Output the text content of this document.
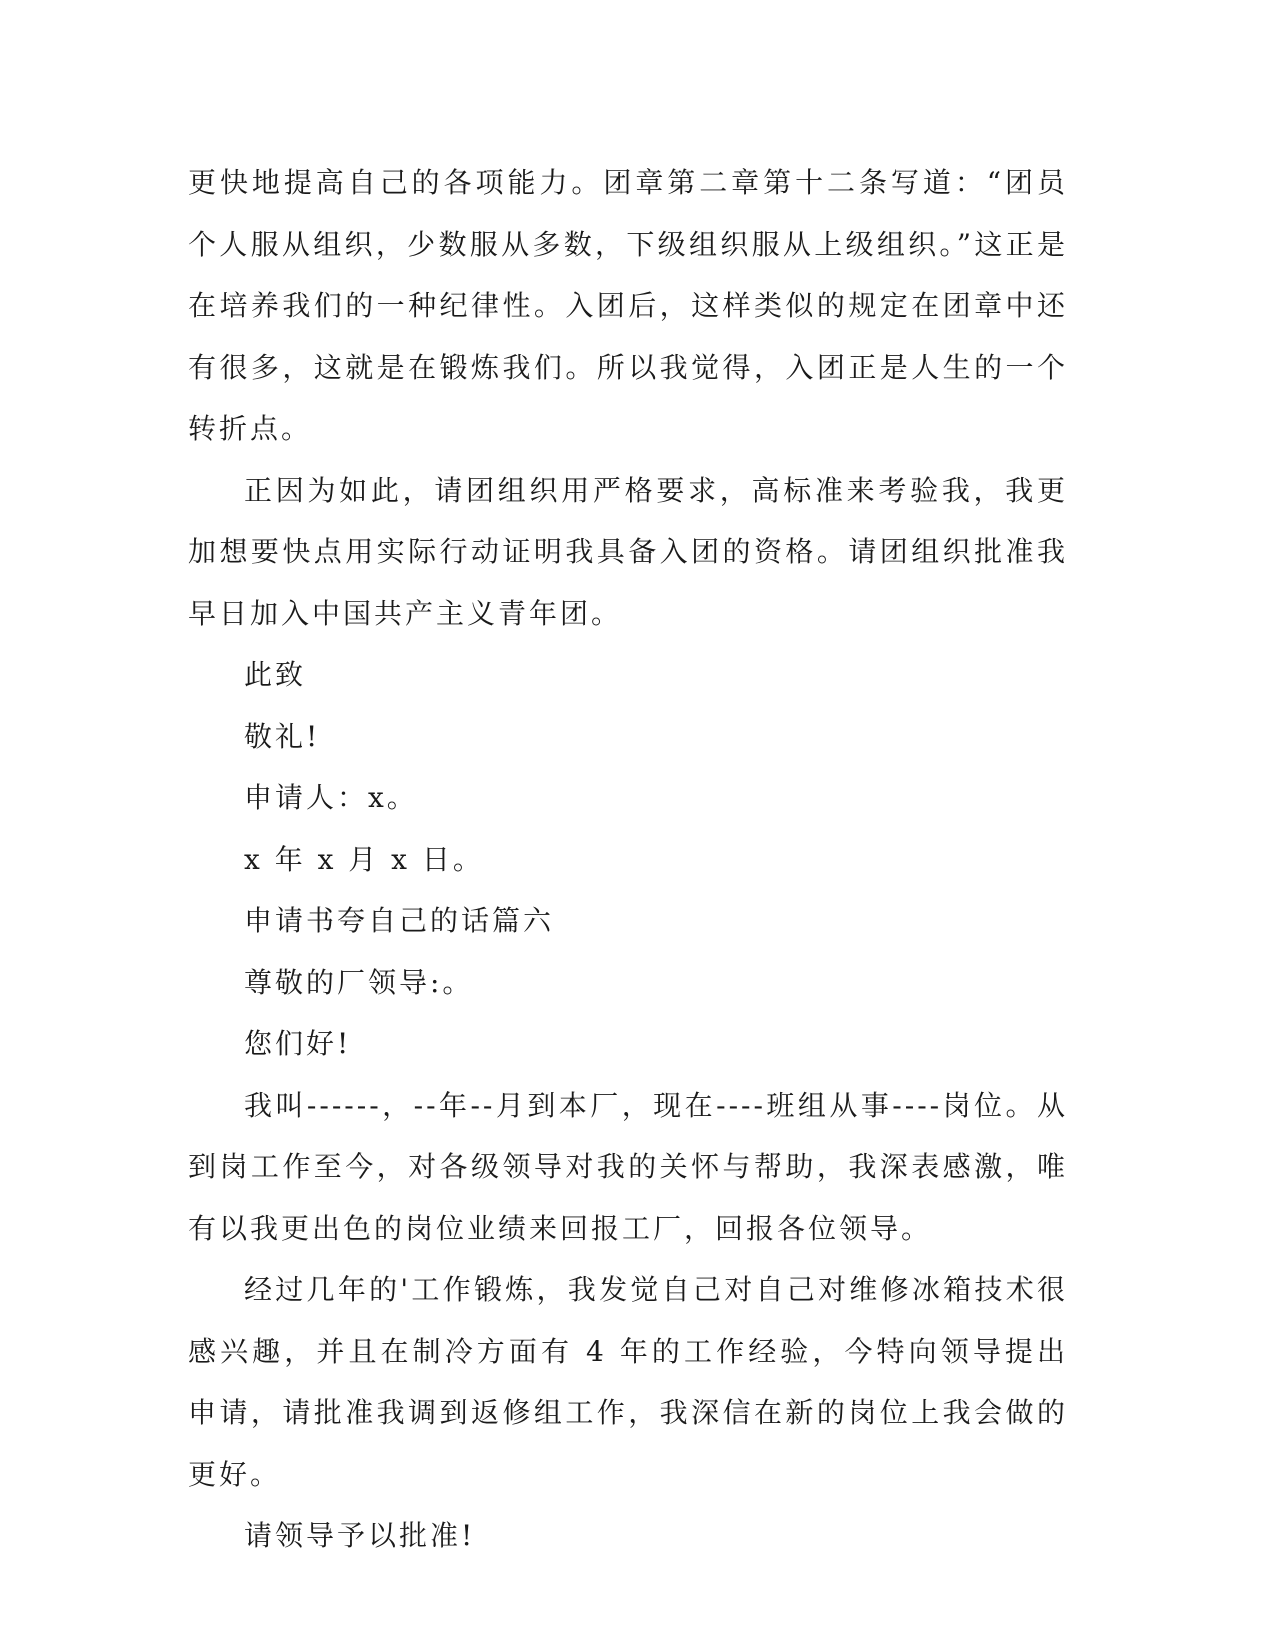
更快地提高自己的各项能力。团章第二章第十二条写道：“团员个人服从组织，少数服从多数，下级组织服从上级组织。”这正是在培养我们的一种纪律性。入团后，这样类似的规定在团章中还有很多，这就是在锻炼我们。所以我觉得，入团正是人生的一个转折点。

正因为如此，请团组织用严格要求，高标准来考验我，我更加想要快点用实际行动证明我具备入团的资格。请团组织批准我早日加入中国共产主义青年团。

此致

敬礼!

申请人：x。

x 年 x 月 x 日。

申请书夸自己的话篇六

尊敬的厂领导:。

您们好!

我叫------，--年--月到本厂，现在----班组从事----岗位。从到岗工作至今，对各级领导对我的关怀与帮助，我深表感激，唯有以我更出色的岗位业绩来回报工厂，回报各位领导。

经过几年的'工作锻炼，我发觉自己对自己对维修冰箱技术很感兴趣，并且在制冷方面有 4 年的工作经验，今特向领导提出申请，请批准我调到返修组工作，我深信在新的岗位上我会做的更好。

请领导予以批准!
